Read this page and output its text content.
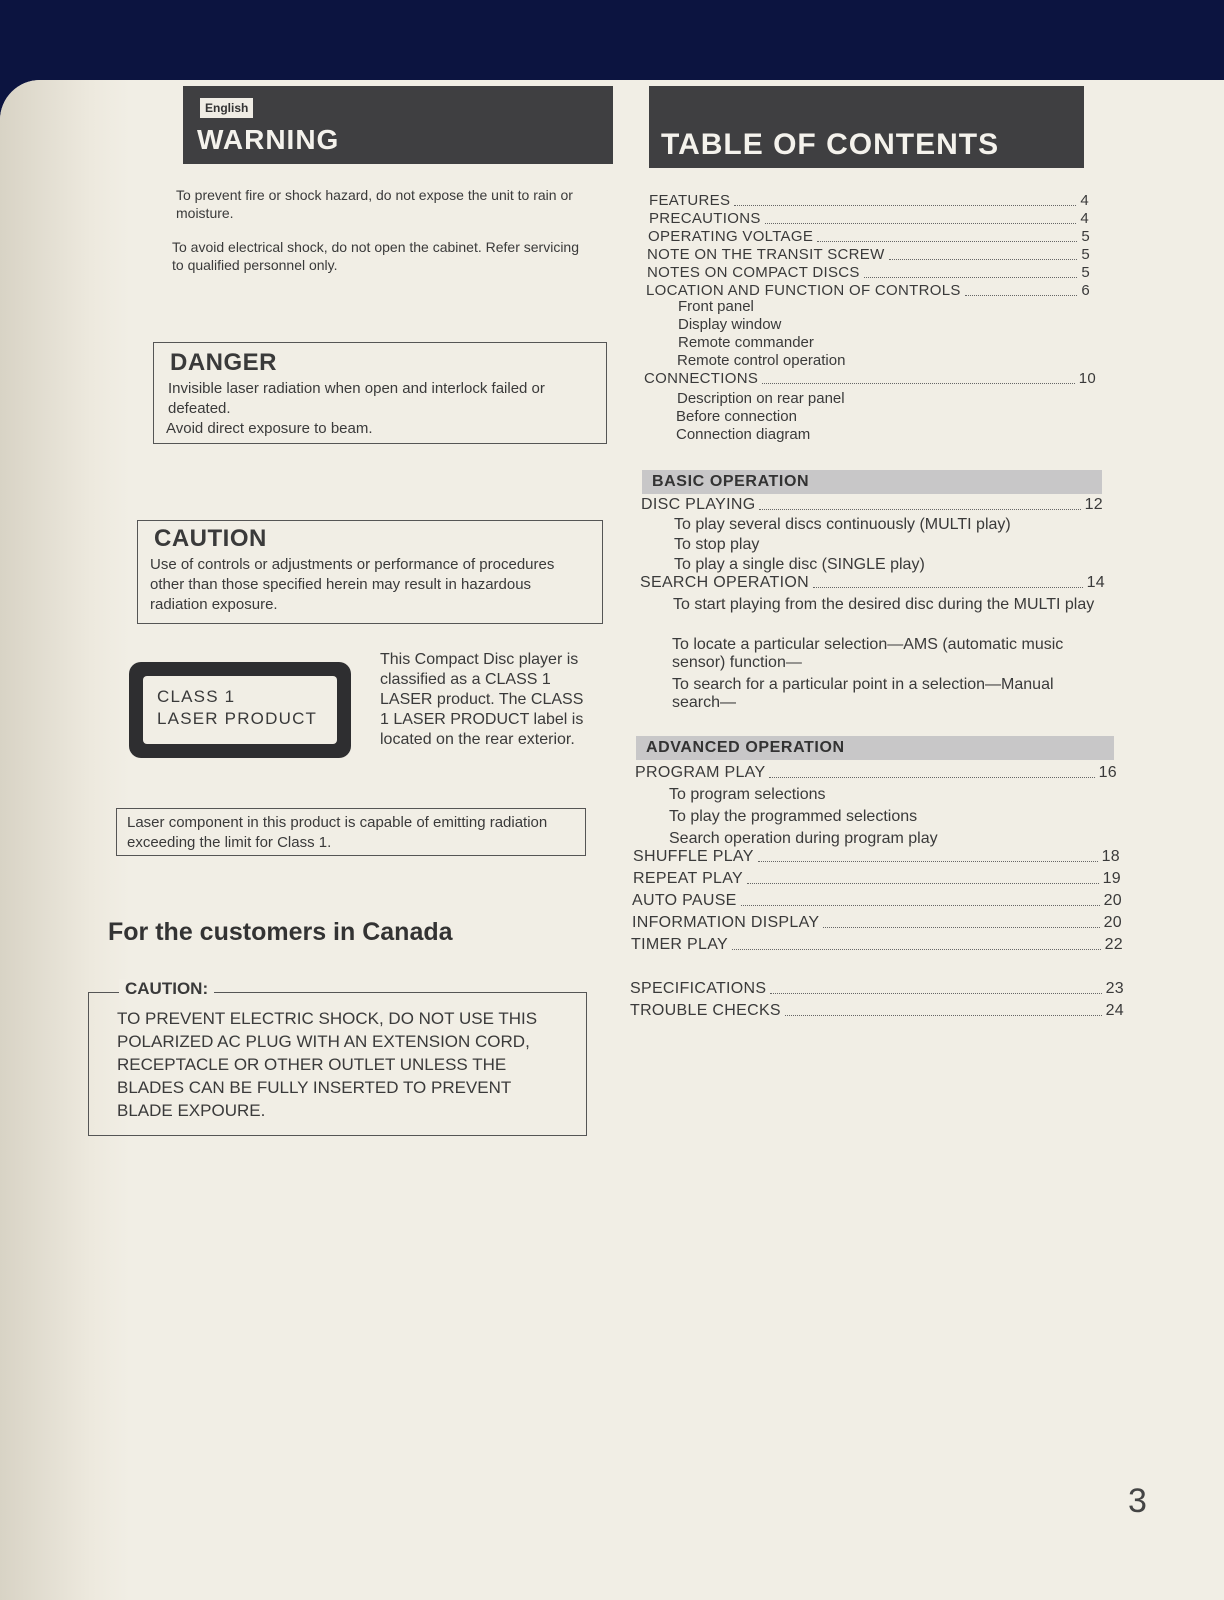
English
WARNING
To prevent fire or shock hazard, do not expose the unit to rain or moisture.
To avoid electrical shock, do not open the cabinet. Refer servicing to qualified personnel only.
DANGER
Invisible laser radiation when open and interlock failed or defeated.
Avoid direct exposure to beam.
CAUTION
Use of controls or adjustments or performance of procedures other than those specified herein may result in hazardous radiation exposure.
CLASS 1
LASER PRODUCT
This Compact Disc player is classified as a CLASS 1 LASER product. The CLASS 1 LASER PRODUCT label is located on the rear exterior.
Laser component in this product is capable of emitting radiation exceeding the limit for Class 1.
For the customers in Canada
CAUTION:
TO PREVENT ELECTRIC SHOCK, DO NOT USE THIS POLARIZED AC PLUG WITH AN EXTENSION CORD, RECEPTACLE OR OTHER OUTLET UNLESS THE BLADES CAN BE FULLY INSERTED TO PREVENT BLADE EXPOURE.
TABLE OF CONTENTS
FEATURES	4
PRECAUTIONS	4
OPERATING VOLTAGE	5
NOTE ON THE TRANSIT SCREW	5
NOTES ON COMPACT DISCS	5
LOCATION AND FUNCTION OF CONTROLS	6
Front panel
Display window
Remote commander
Remote control operation
CONNECTIONS	10
Description on rear panel
Before connection
Connection diagram
BASIC OPERATION
DISC PLAYING	12
To play several discs continuously (MULTI play)
To stop play
To play a single disc (SINGLE play)
SEARCH OPERATION	14
To start playing from the desired disc during the MULTI play
To locate a particular selection—AMS (automatic music sensor) function—
To search for a particular point in a selection—Manual search—
ADVANCED OPERATION
PROGRAM PLAY	16
To program selections
To play the programmed selections
Search operation during program play
SHUFFLE PLAY	18
REPEAT PLAY	19
AUTO PAUSE	20
INFORMATION DISPLAY	20
TIMER PLAY	22
SPECIFICATIONS	23
TROUBLE CHECKS	24
3
